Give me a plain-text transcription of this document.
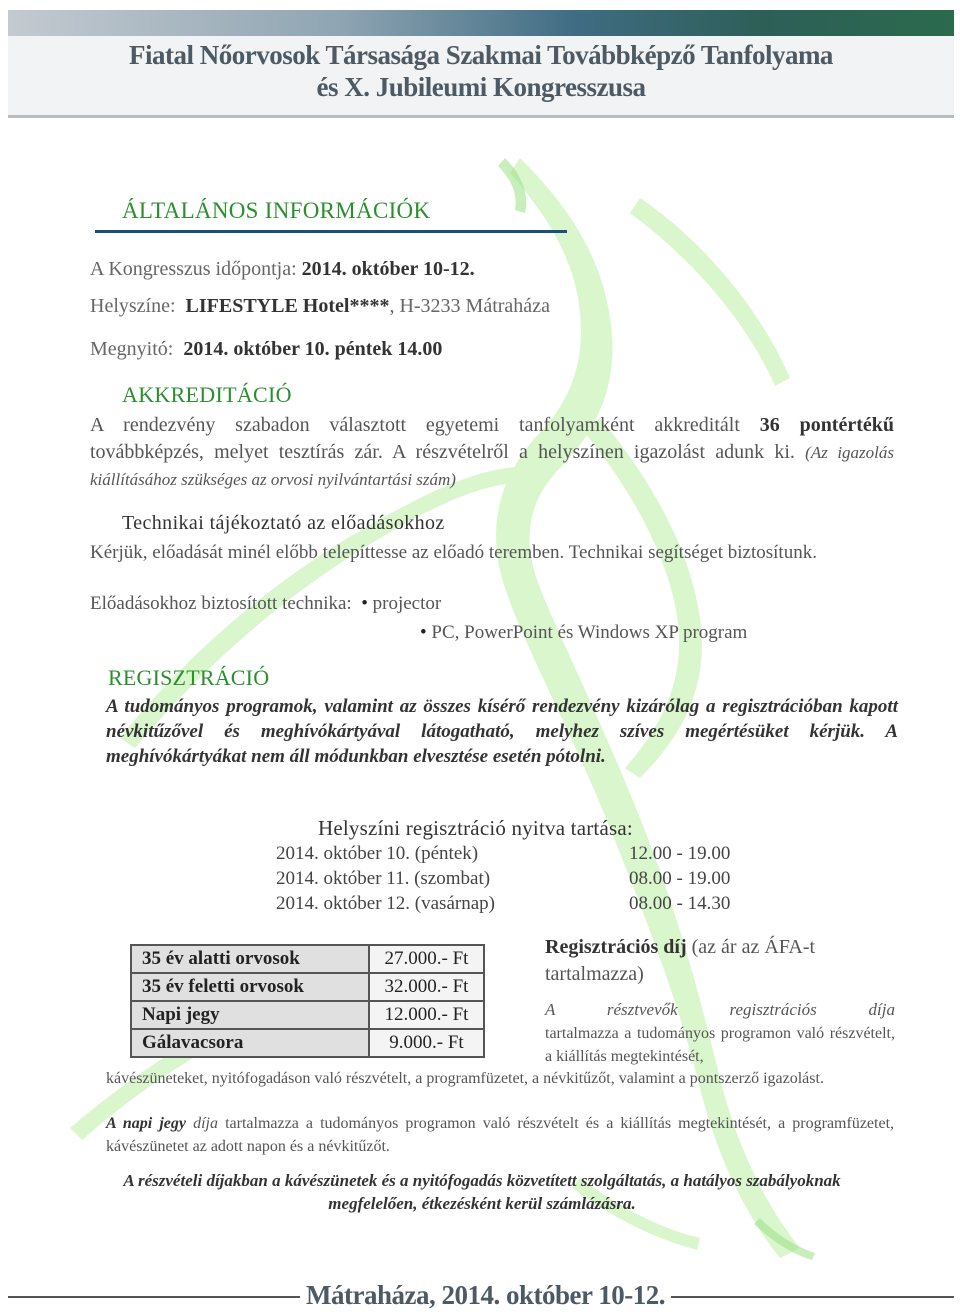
Fiatal Nőorvosok Társasága Szakmai Továbbképző Tanfolyama
és X. Jubileumi Kongresszusa
ÁLTALÁNOS INFORMÁCIÓK
A Kongresszus időpontja: 2014. október 10-12.
Helyszíne: LIFESTYLE Hotel****, H-3233 Mátraháza
Megnyitó: 2014. október 10. péntek 14.00
AKKREDITÁCIÓ
A rendezvény szabadon választott egyetemi tanfolyamként akkreditált 36 pontértékű továbbképzés, melyet tesztírás zár. A részvételről a helyszínen igazolást adunk ki. (Az igazolás kiállításához szükséges az orvosi nyilvántartási szám)
Technikai tájékoztató az előadásokhoz
Kérjük, előadását minél előbb telepíttesse az előadó teremben. Technikai segítséget biztosítunk.
Előadásokhoz biztosított technika:  • projector
• PC, PowerPoint és Windows XP program
REGISZTRÁCIÓ
A tudományos programok, valamint az összes kísérő rendezvény kizárólag a regisztrációban kapott névkitűzővel és meghívókártyával látogatható, melyhez szíves megértésüket kérjük. A meghívókártyákat nem áll módunkban elvesztése esetén pótolni.
Helyszíni regisztráció nyitva tartása:
2014. október 10. (péntek)	12.00 - 19.00
2014. október 11. (szombat)	08.00 - 19.00
2014. október 12. (vasárnap)	08.00 - 14.30
35 év alatti orvosok	27.000.- Ft
35 év feletti orvosok	32.000.- Ft
Napi jegy	12.000.- Ft
Gálavacsora	9.000.- Ft
Regisztrációs díj (az ár az ÁFA-t tartalmazza)
A résztvevők regisztrációs díja tartalmazza a tudományos programon való részvételt, a kiállítás megtekintését,
kávészüneteket, nyitófogadáson való részvételt, a programfüzetet, a névkitűzőt, valamint a pontszerző igazolást.
A napi jegy díja tartalmazza a tudományos programon való részvételt és a kiállítás megtekintését, a programfüzetet, kávészünetet az adott napon és a névkitűzőt.
A részvételi díjakban a kávészünetek és a nyitófogadás közvetített szolgáltatás, a hatályos szabályoknak megfelelően, étkezésként kerül számlázásra.
Mátraháza, 2014. október 10-12.
